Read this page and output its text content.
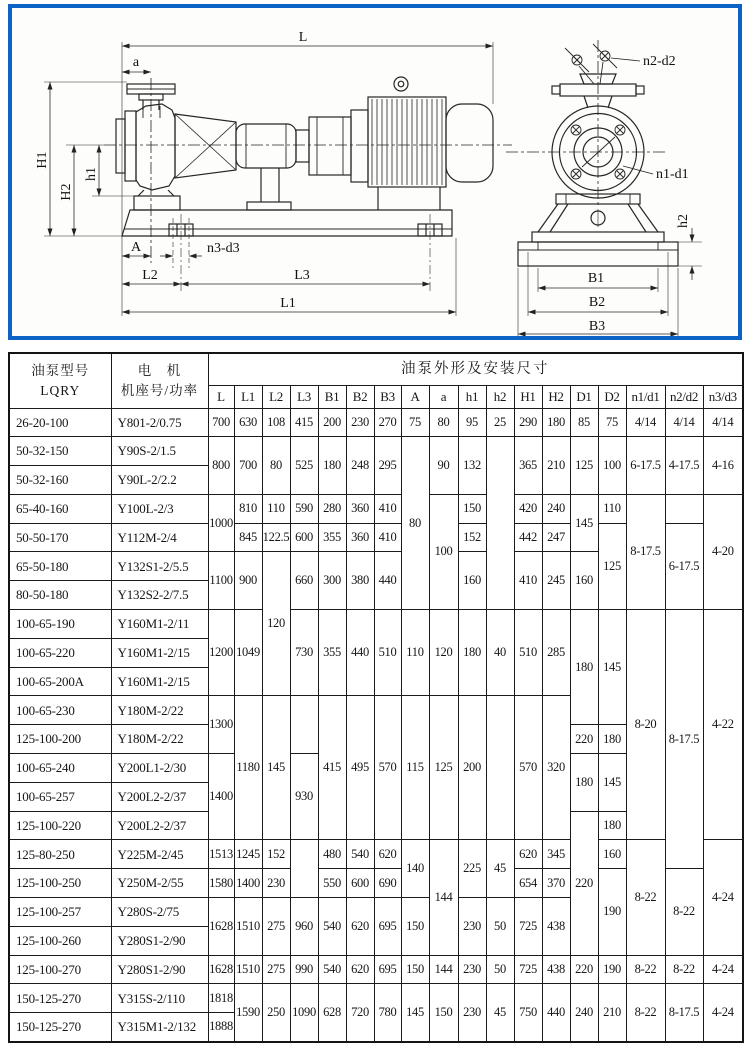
L
a
H1
H2
h1
A	n3-d3
L2	L3
L1
n2-d2
n1-d1
h2
B1
B2
B3
油泵型号
LQRY

电　机
机座号/功率
	油泵外形及安装尺寸
		L	L1	L2	L3	B1	B2	B3	A	a	h1	h2	H1	H2	D1	D2	n1/d1	n2/d2	n3/d3
26-20-100	Y801-2/0.75	700	630	108	415	200	230	270	75	80	95	25	290	180	85	75	4/14	4/14	4/14
50-32-150	Y90S-2/1.5	800	700	80	525	180	248	295	80	90	132		365	210	125	100	6-17.5	4-17.5	4-16
50-32-160	Y90L-2/2.2																		
65-40-160	Y100L-2/3	1000	810	110	590	280	360	410		100	150		420	240	145	110	8-17.5		4-20
50-50-170	Y112M-2/4		845	122.5	600	355	360	410			152		442	247		125		6-17.5	
65-50-180	Y132S1-2/5.5	1100	900	120	660	300	380	440			160		410	245	160				
80-50-180	Y132S2-2/7.5																		
100-65-190	Y160M1-2/11	1200	1049		730	355	440	510	110	120	180	40	510	285	180	145	8-20	8-17.5	4-22
100-65-220	Y160M1-2/15																		
100-65-200A	Y160M1-2/15																		
100-65-230	Y180M-2/22	1300	1180	145		415	495	570	115	125	200		570	320					
125-100-200	Y180M-2/22														220	180			
100-65-240	Y200L1-2/30	1400			930										180	145			
100-65-257	Y200L2-2/37																		
125-100-220	Y200L2-2/37														220	180			
125-80-250	Y225M-2/45	1513	1245	152		480	540	620	140	144	225	45	620	345		160	8-22		4-24
125-100-250	Y250M-2/55	1580	1400	230		550	600	690					654	370		190		8-22	
125-100-257	Y280S-2/75	1628	1510	275	960	540	620	695	150		230	50	725	438					
125-100-260	Y280S1-2/90																		
125-100-270	Y280S1-2/90	1628	1510	275	990	540	620	695	150	144	230	50	725	438	220	190	8-22	8-22	4-24
150-125-270	Y315S-2/110	1818	1590	250	1090	628	720	780	145	150	230	45	750	440	240	210	8-22	8-17.5	4-24
150-125-270	Y315M1-2/132	1888																	
